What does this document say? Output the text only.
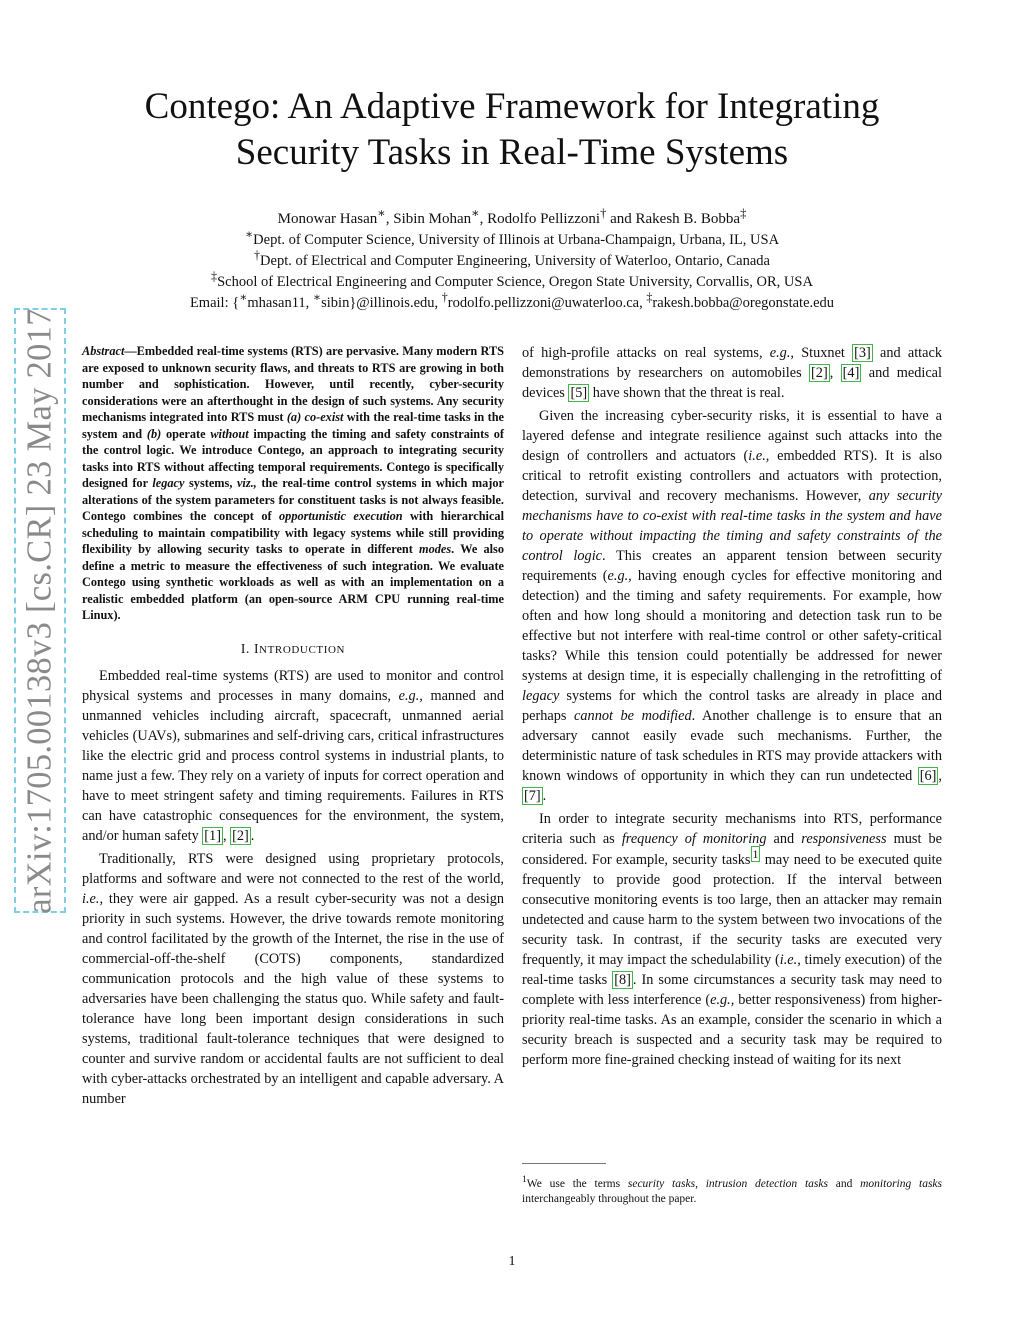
Contego: An Adaptive Framework for Integrating
Security Tasks in Real-Time Systems
Monowar Hasan∗, Sibin Mohan∗, Rodolfo Pellizzoni† and Rakesh B. Bobba‡
∗Dept. of Computer Science, University of Illinois at Urbana-Champaign, Urbana, IL, USA
†Dept. of Electrical and Computer Engineering, University of Waterloo, Ontario, Canada
‡School of Electrical Engineering and Computer Science, Oregon State University, Corvallis, OR, USA
Email: {∗mhasan11, ∗sibin}@illinois.edu, †rodolfo.pellizzoni@uwaterloo.ca, ‡rakesh.bobba@oregonstate.edu
arXiv:1705.00138v3 [cs.CR] 23 May 2017 Abstract—Embedded real-time systems (RTS) are pervasive. Many modern RTS are exposed to unknown security flaws, and threats to RTS are growing in both number and sophistication. However, until recently, cyber-security considerations were an afterthought in the design of such systems. Any security mechanisms integrated into RTS must (a) co-exist with the real-time tasks in the system and (b) operate without impacting the timing and safety constraints of the control logic. We introduce Contego, an approach to integrating security tasks into RTS without affecting temporal requirements. Contego is specifically designed for legacy systems, viz., the real-time control systems in which major alterations of the system parameters for constituent tasks is not always feasible. Contego combines the concept of opportunistic execution with hierarchical scheduling to maintain compatibility with legacy systems while still providing flexibility by allowing security tasks to operate in different modes. We also define a metric to measure the effectiveness of such integration. We evaluate Contego using synthetic workloads as well as with an implementation on a realistic embedded platform (an open-source ARM CPU running real-time Linux).

I. INTRODUCTION

Embedded real-time systems (RTS) are used to monitor and control physical systems and processes in many domains, e.g., manned and unmanned vehicles including aircraft, spacecraft, unmanned aerial vehicles (UAVs), submarines and self-driving cars, critical infrastructures like the electric grid and process control systems in industrial plants, to name just a few. They rely on a variety of inputs for correct operation and have to meet stringent safety and timing requirements. Failures in RTS can have catastrophic consequences for the environment, the system, and/or human safety [1] , [2] .

Traditionally, RTS were designed using proprietary protocols, platforms and software and were not connected to the rest of the world, i.e., they were air gapped. As a result cyber-security was not a design priority in such systems. However, the drive towards remote monitoring and control facilitated by the growth of the Internet, the rise in the use of commercial-off-the-shelf (COTS) components, standardized communication protocols and the high value of these systems to adversaries have been challenging the status quo. While safety and fault-tolerance have long been important design considerations in such systems, traditional fault-tolerance techniques that were designed to counter and survive random or accidental faults are not sufficient to deal with cyber-attacks orchestrated by an intelligent and capable adversary. A number

of high-profile attacks on real systems, e.g., Stuxnet [3] and attack demonstrations by researchers on automobiles [2] , [4] and medical devices [5] have shown that the threat is real.

Given the increasing cyber-security risks, it is essential to have a layered defense and integrate resilience against such attacks into the design of controllers and actuators (i.e., embedded RTS). It is also critical to retrofit existing controllers and actuators with protection, detection, survival and recovery mechanisms. However, any security mechanisms have to co-exist with real-time tasks in the system and have to operate without impacting the timing and safety constraints of the control logic. This creates an apparent tension between security requirements (e.g., having enough cycles for effective monitoring and detection) and the timing and safety requirements. For example, how often and how long should a monitoring and detection task run to be effective but not interfere with real-time control or other safety-critical tasks? While this tension could potentially be addressed for newer systems at design time, it is especially challenging in the retrofitting of legacy systems for which the control tasks are already in place and perhaps cannot be modified. Another challenge is to ensure that an adversary cannot easily evade such mechanisms. Further, the deterministic nature of task schedules in RTS may provide attackers with known windows of opportunity in which they can run undetected [6] , [7] .

In order to integrate security mechanisms into RTS, performance criteria such as frequency of monitoring and responsiveness must be considered. For example, security tasks $^1$ may need to be executed quite frequently to provide good protection. If the interval between consecutive monitoring events is too large, then an attacker may remain undetected and cause harm to the system between two invocations of the security task. In contrast, if the security tasks are executed very frequently, it may impact the schedulability (i.e., timely execution) of the real-time tasks [8] . In some circumstances a security task may need to complete with less interference (e.g., better responsiveness) from higher-priority real-time tasks. As an example, consider the scenario in which a security breach is suspected and a security task may be required to perform more fine-grained checking instead of waiting for its next

$^1$We use the terms security tasks, intrusion detection tasks and monitoring tasks interchangeably throughout the paper.
1
